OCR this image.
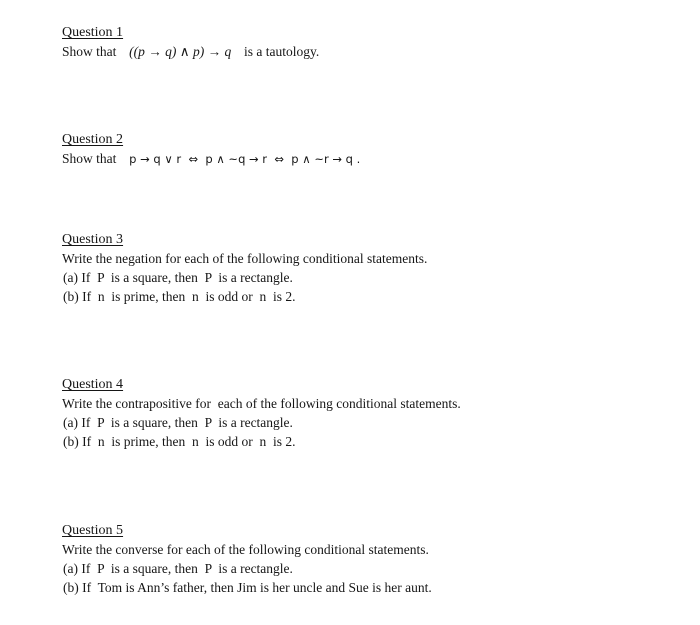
Question 1
Show that ((p → q) ∧ p) → q is a tautology.
Question 2
Show that p → q ∨ r  ⇔  p ∧ ~q → r  ⇔  p ∧ ~r → q .
Question 3
Write the negation for each of the following conditional statements.
(a) If  P  is a square, then  P  is a rectangle.
(b) If  n  is prime, then  n  is odd or  n  is 2.
Question 4
Write the contrapositive for  each of the following conditional statements.
(a) If  P  is a square, then  P  is a rectangle.
(b) If  n  is prime, then  n  is odd or  n  is 2.
Question 5
Write the converse for each of the following conditional statements.
(a) If  P  is a square, then  P  is a rectangle.
(b) If  Tom is Ann’s father, then Jim is her uncle and Sue is her aunt.
